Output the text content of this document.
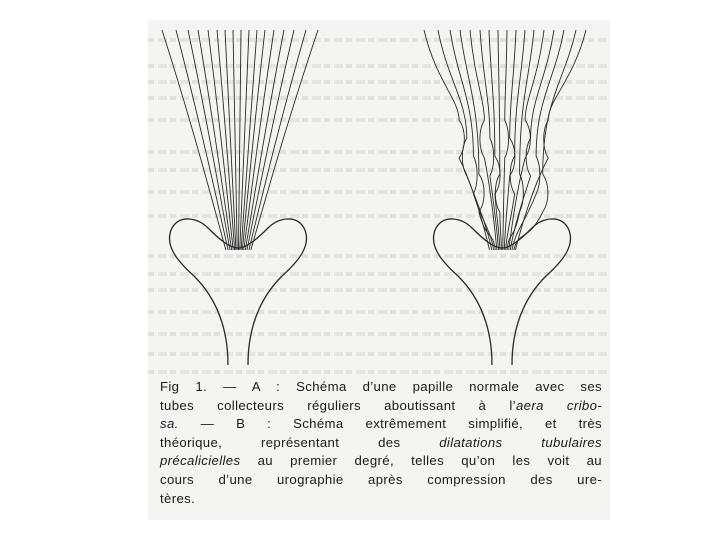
Fig 1. — A : Schéma d’une papille normale avec ses
tubes collecteurs réguliers aboutissant à l’aera cribo-
sa. — B : Schéma extrêmement simplifié, et très
théorique, représentant des dilatations tubulaires
précalicielles au premier degré, telles qu’on les voit au
cours d’une urographie après compression des ure-
tères.
